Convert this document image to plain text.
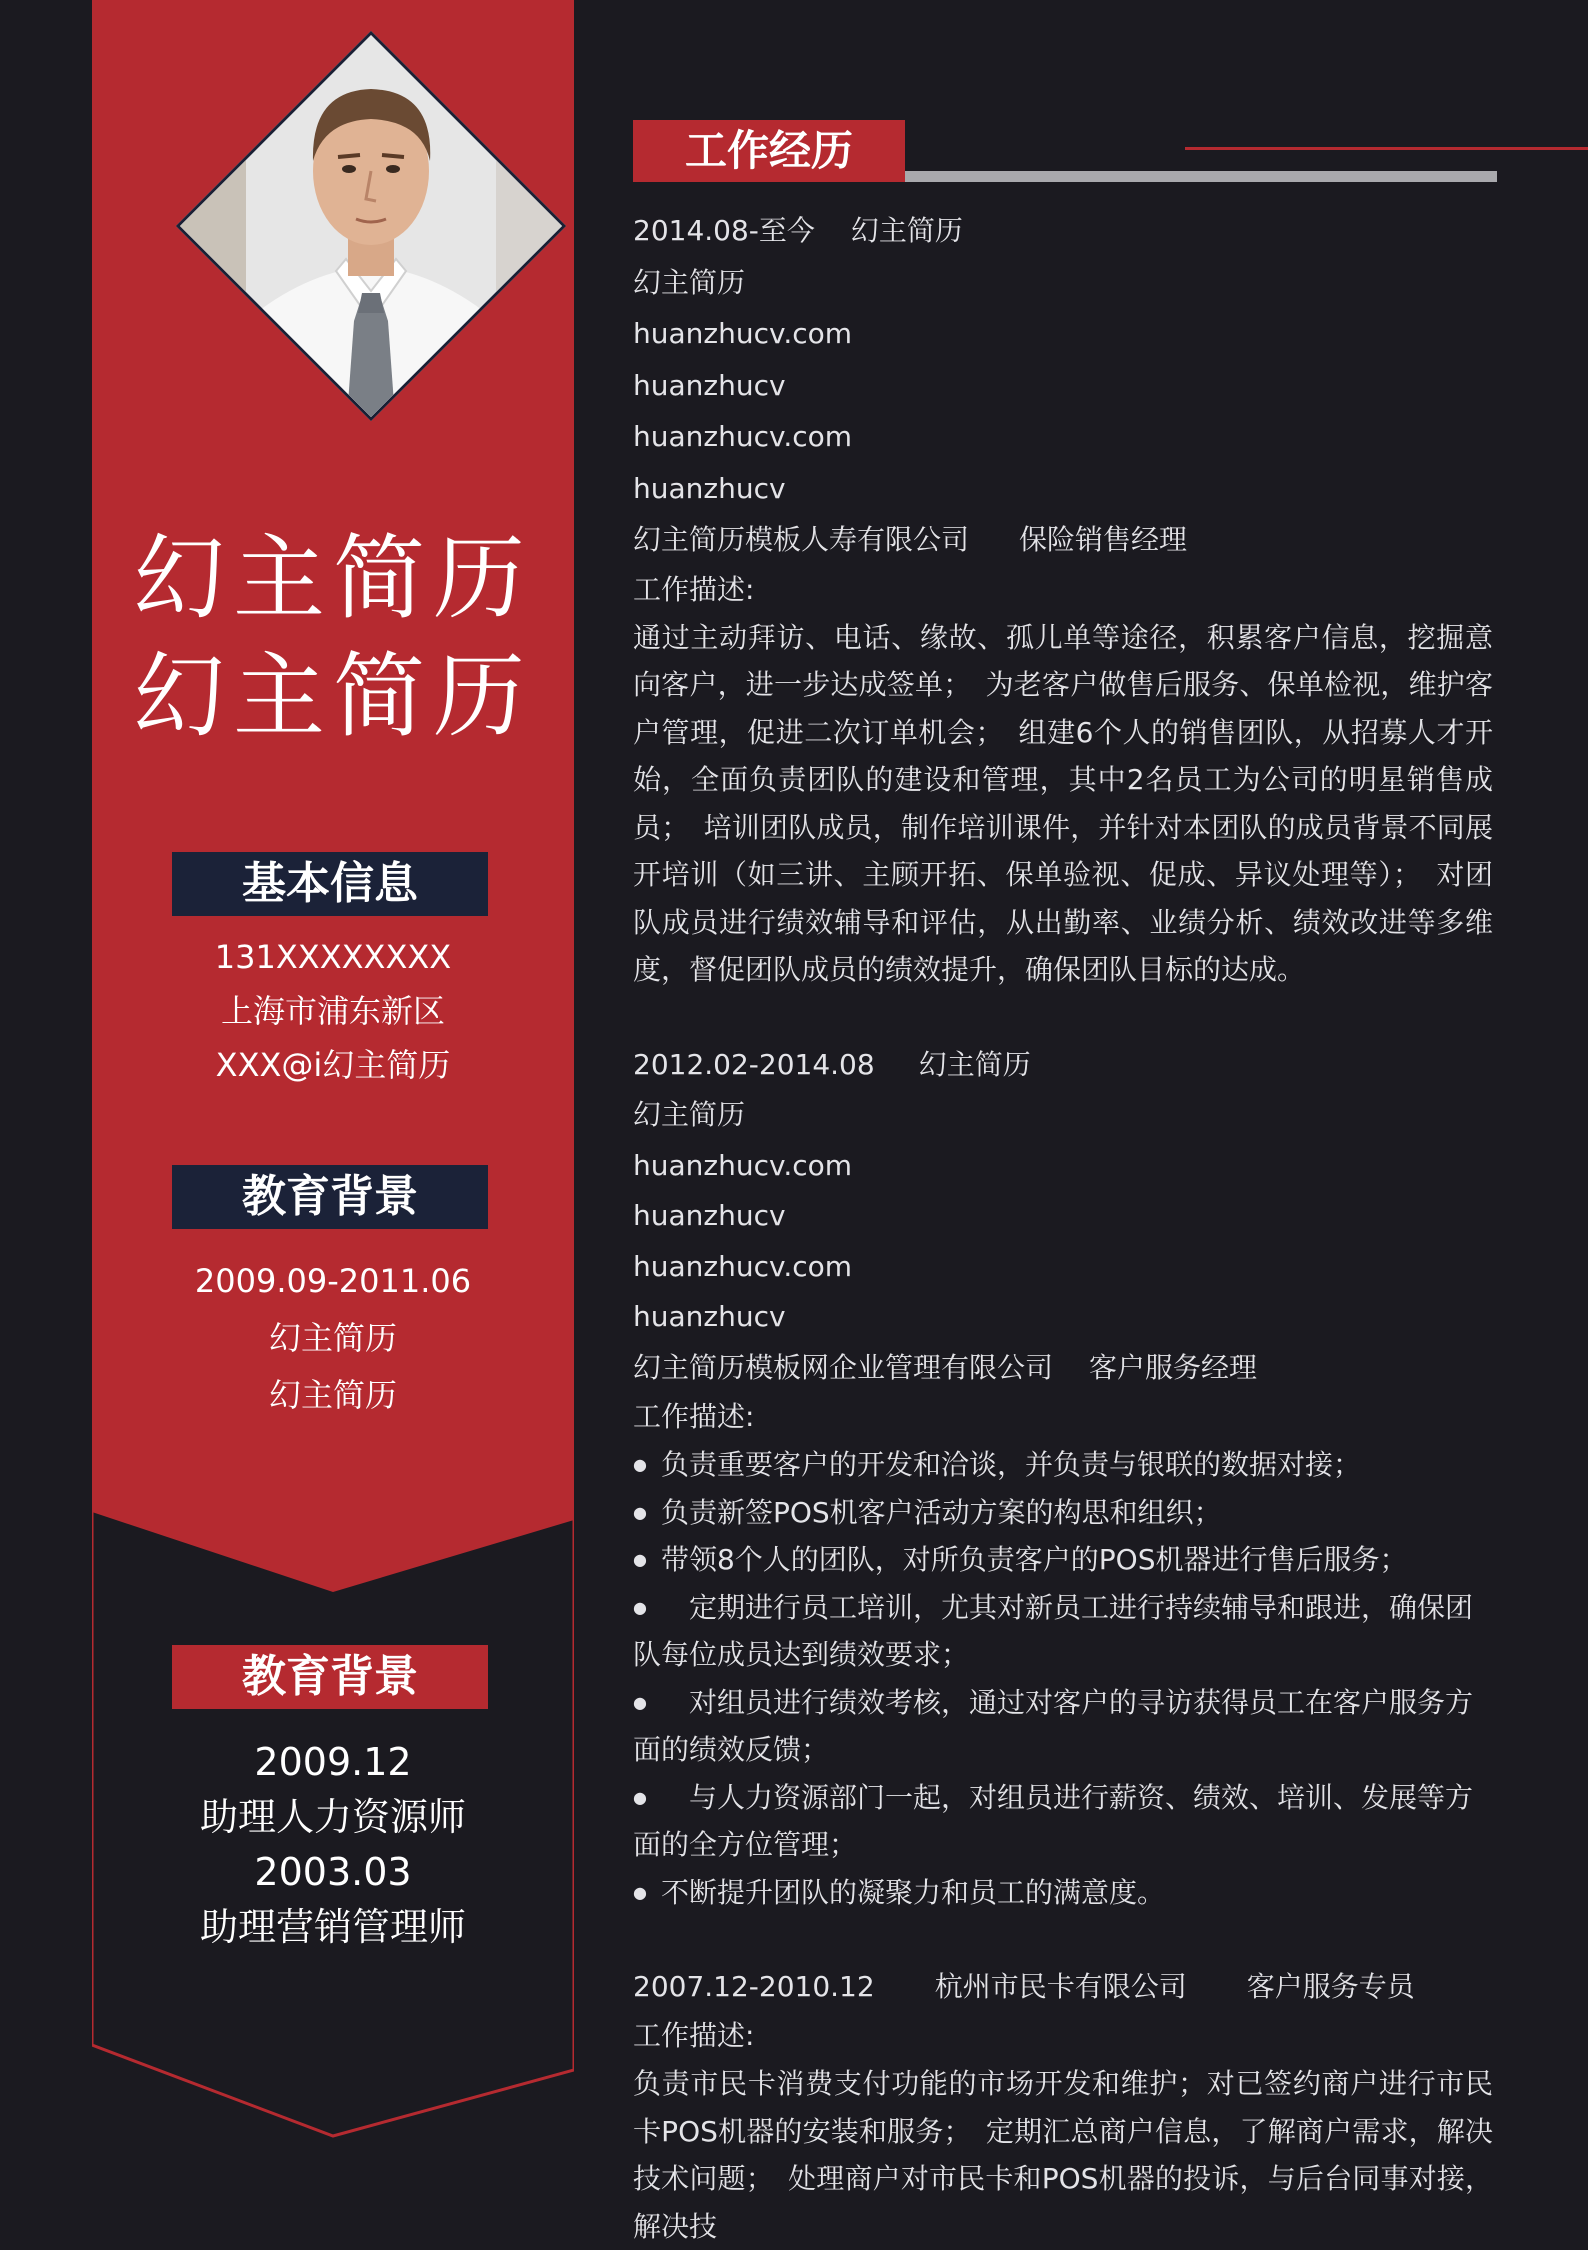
幻主简历幻主简历
基本信息
131XXXXXXXX
上海市浦东新区
XXX@i幻主简历
教育背景
2009.09-2011.06
幻主简历
幻主简历
教育背景
2009.12
助理人力资源师
2003.03
助理营销管理师
工作经历
2014.08-至今 幻主简历
幻主简历
huanzhucv.com
huanzhucv
huanzhucv.com
huanzhucv
幻主简历模板人寿有限公司 保险销售经理
工作描述:
通过主动拜访、电话、缘故、孤儿单等途径，积累客户信息，挖掘意向客户，进一步达成签单；　为老客户做售后服务、保单检视，维护客户管理，促进二次订单机会；　组建6个人的销售团队，从招募人才开始，全面负责团队的建设和管理，其中2名员工为公司的明星销售成员；　培训团队成员，制作培训课件，并针对本团队的成员背景不同展开培训（如三讲、主顾开拓、保单验视、促成、异议处理等）；　对团队成员进行绩效辅导和评估，从出勤率、业绩分析、绩效改进等多维度，督促团队成员的绩效提升，确保团队目标的达成。
2012.02-2014.08 幻主简历
幻主简历
huanzhucv.com
huanzhucv
huanzhucv.com
huanzhucv
幻主简历模板网企业管理有限公司 客户服务经理
工作描述:
● 负责重要客户的开发和洽谈，并负责与银联的数据对接；
● 负责新签POS机客户活动方案的构思和组织；
● 带领8个人的团队，对所负责客户的POS机器进行售后服务；
● 　定期进行员工培训，尤其对新员工进行持续辅导和跟进，确保团队每位成员达到绩效要求；
● 　对组员进行绩效考核，通过对客户的寻访获得员工在客户服务方面的绩效反馈；
● 　与人力资源部门一起，对组员进行薪资、绩效、培训、发展等方面的全方位管理；
● 不断提升团队的凝聚力和员工的满意度。
2007.12-2010.12 杭州市民卡有限公司 客户服务专员
工作描述:
负责市民卡消费支付功能的市场开发和维护；对已签约商户进行市民卡POS机器的安装和服务；　定期汇总商户信息，了解商户需求，解决技术问题；　处理商户对市民卡和POS机器的投诉，与后台同事对接，解决技
